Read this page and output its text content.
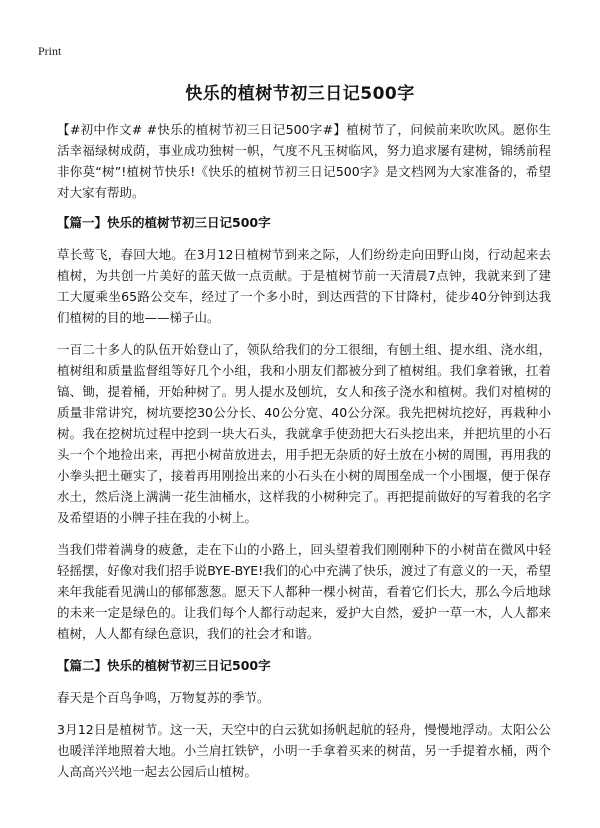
Print
快乐的植树节初三日记500字

【#初中作文# #快乐的植树节初三日记500字#】植树节了，问候前来吹吹风。愿你生活幸福绿树成荫，事业成功独树一帜，气度不凡玉树临风，努力追求屡有建树，锦绣前程非你莫“树”!植树节快乐!《快乐的植树节初三日记500字》是文档网为大家准备的，希望对大家有帮助。

【篇一】快乐的植树节初三日记500字

草长莺飞，春回大地。在3月12日植树节到来之际，人们纷纷走向田野山岗，行动起来去植树，为共创一片美好的蓝天做一点贡献。于是植树节前一天清晨7点钟，我就来到了建工大厦乘坐65路公交车，经过了一个多小时，到达西营的下甘降村，徒步40分钟到达我们植树的目的地——梯子山。

一百二十多人的队伍开始登山了，领队给我们的分工很细，有刨土组、提水组、浇水组，植树组和质量监督组等好几个小组，我和小朋友们都被分到了植树组。我们拿着锹，扛着镐、锄，提着桶，开始种树了。男人提水及刨坑，女人和孩子浇水和植树。我们对植树的质量非常讲究，树坑要挖30公分长、40公分宽、40公分深。我先把树坑挖好，再栽种小树。我在挖树坑过程中挖到一块大石头，我就拿手使劲把大石头挖出来，并把坑里的小石头一个个地捡出来，再把小树苗放进去，用手把无杂质的好土放在小树的周围，再用我的小拳头把土砸实了，接着再用刚捡出来的小石头在小树的周围垒成一个小围堰，便于保存水土，然后浇上满满一花生油桶水，这样我的小树种完了。再把提前做好的写着我的名字及希望语的小牌子挂在我的小树上。

当我们带着满身的疲惫，走在下山的小路上，回头望着我们刚刚种下的小树苗在微风中轻轻摇摆，好像对我们招手说BYE-BYE!我们的心中充满了快乐，渡过了有意义的一天，希望来年我能看见满山的郁郁葱葱。愿天下人都种一棵小树苗，看着它们长大，那么今后地球的未来一定是绿色的。让我们每个人都行动起来，爱护大自然，爱护一草一木，人人都来植树，人人都有绿色意识，我们的社会才和谐。

【篇二】快乐的植树节初三日记500字

春天是个百鸟争鸣，万物复苏的季节。

3月12日是植树节。这一天，天空中的白云犹如扬帆起航的轻舟，慢慢地浮动。太阳公公也暖洋洋地照着大地。小兰肩扛铁铲，小明一手拿着买来的树苗，另一手提着水桶，两个人高高兴兴地一起去公园后山植树。
